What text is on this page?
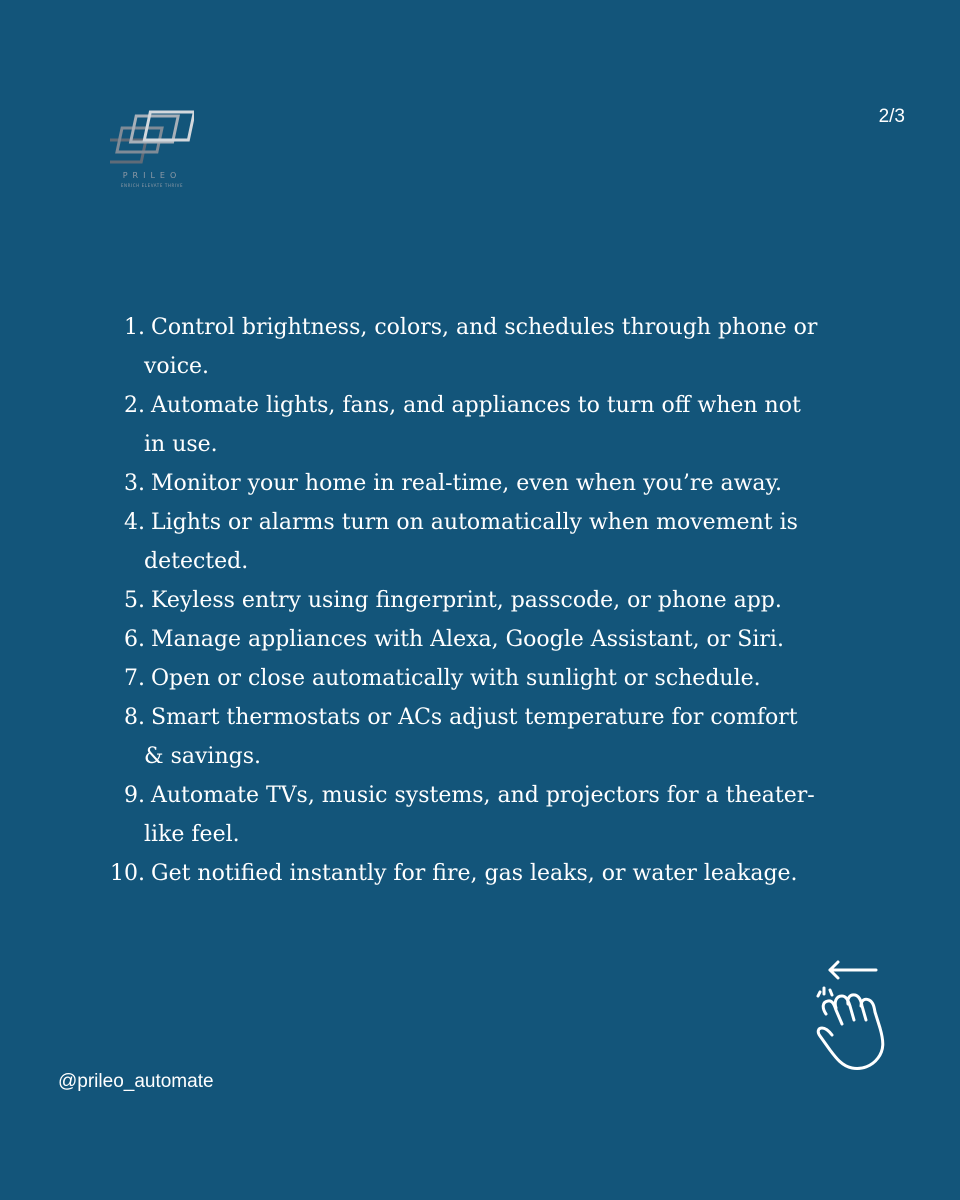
PRILEO
ENRICH ELEVATE THRIVE
2/3
1. Control brightness, colors, and schedules through phone or
voice.
2. Automate lights, fans, and appliances to turn off when not
in use.
3. Monitor your home in real-time, even when you’re away.
4. Lights or alarms turn on automatically when movement is
detected.
5. Keyless entry using fingerprint, passcode, or phone app.
6. Manage appliances with Alexa, Google Assistant, or Siri.
7. Open or close automatically with sunlight or schedule.
8. Smart thermostats or ACs adjust temperature for comfort
& savings.
9. Automate TVs, music systems, and projectors for a theater-
like feel.
10. Get notified instantly for fire, gas leaks, or water leakage.
@prileo_automate
